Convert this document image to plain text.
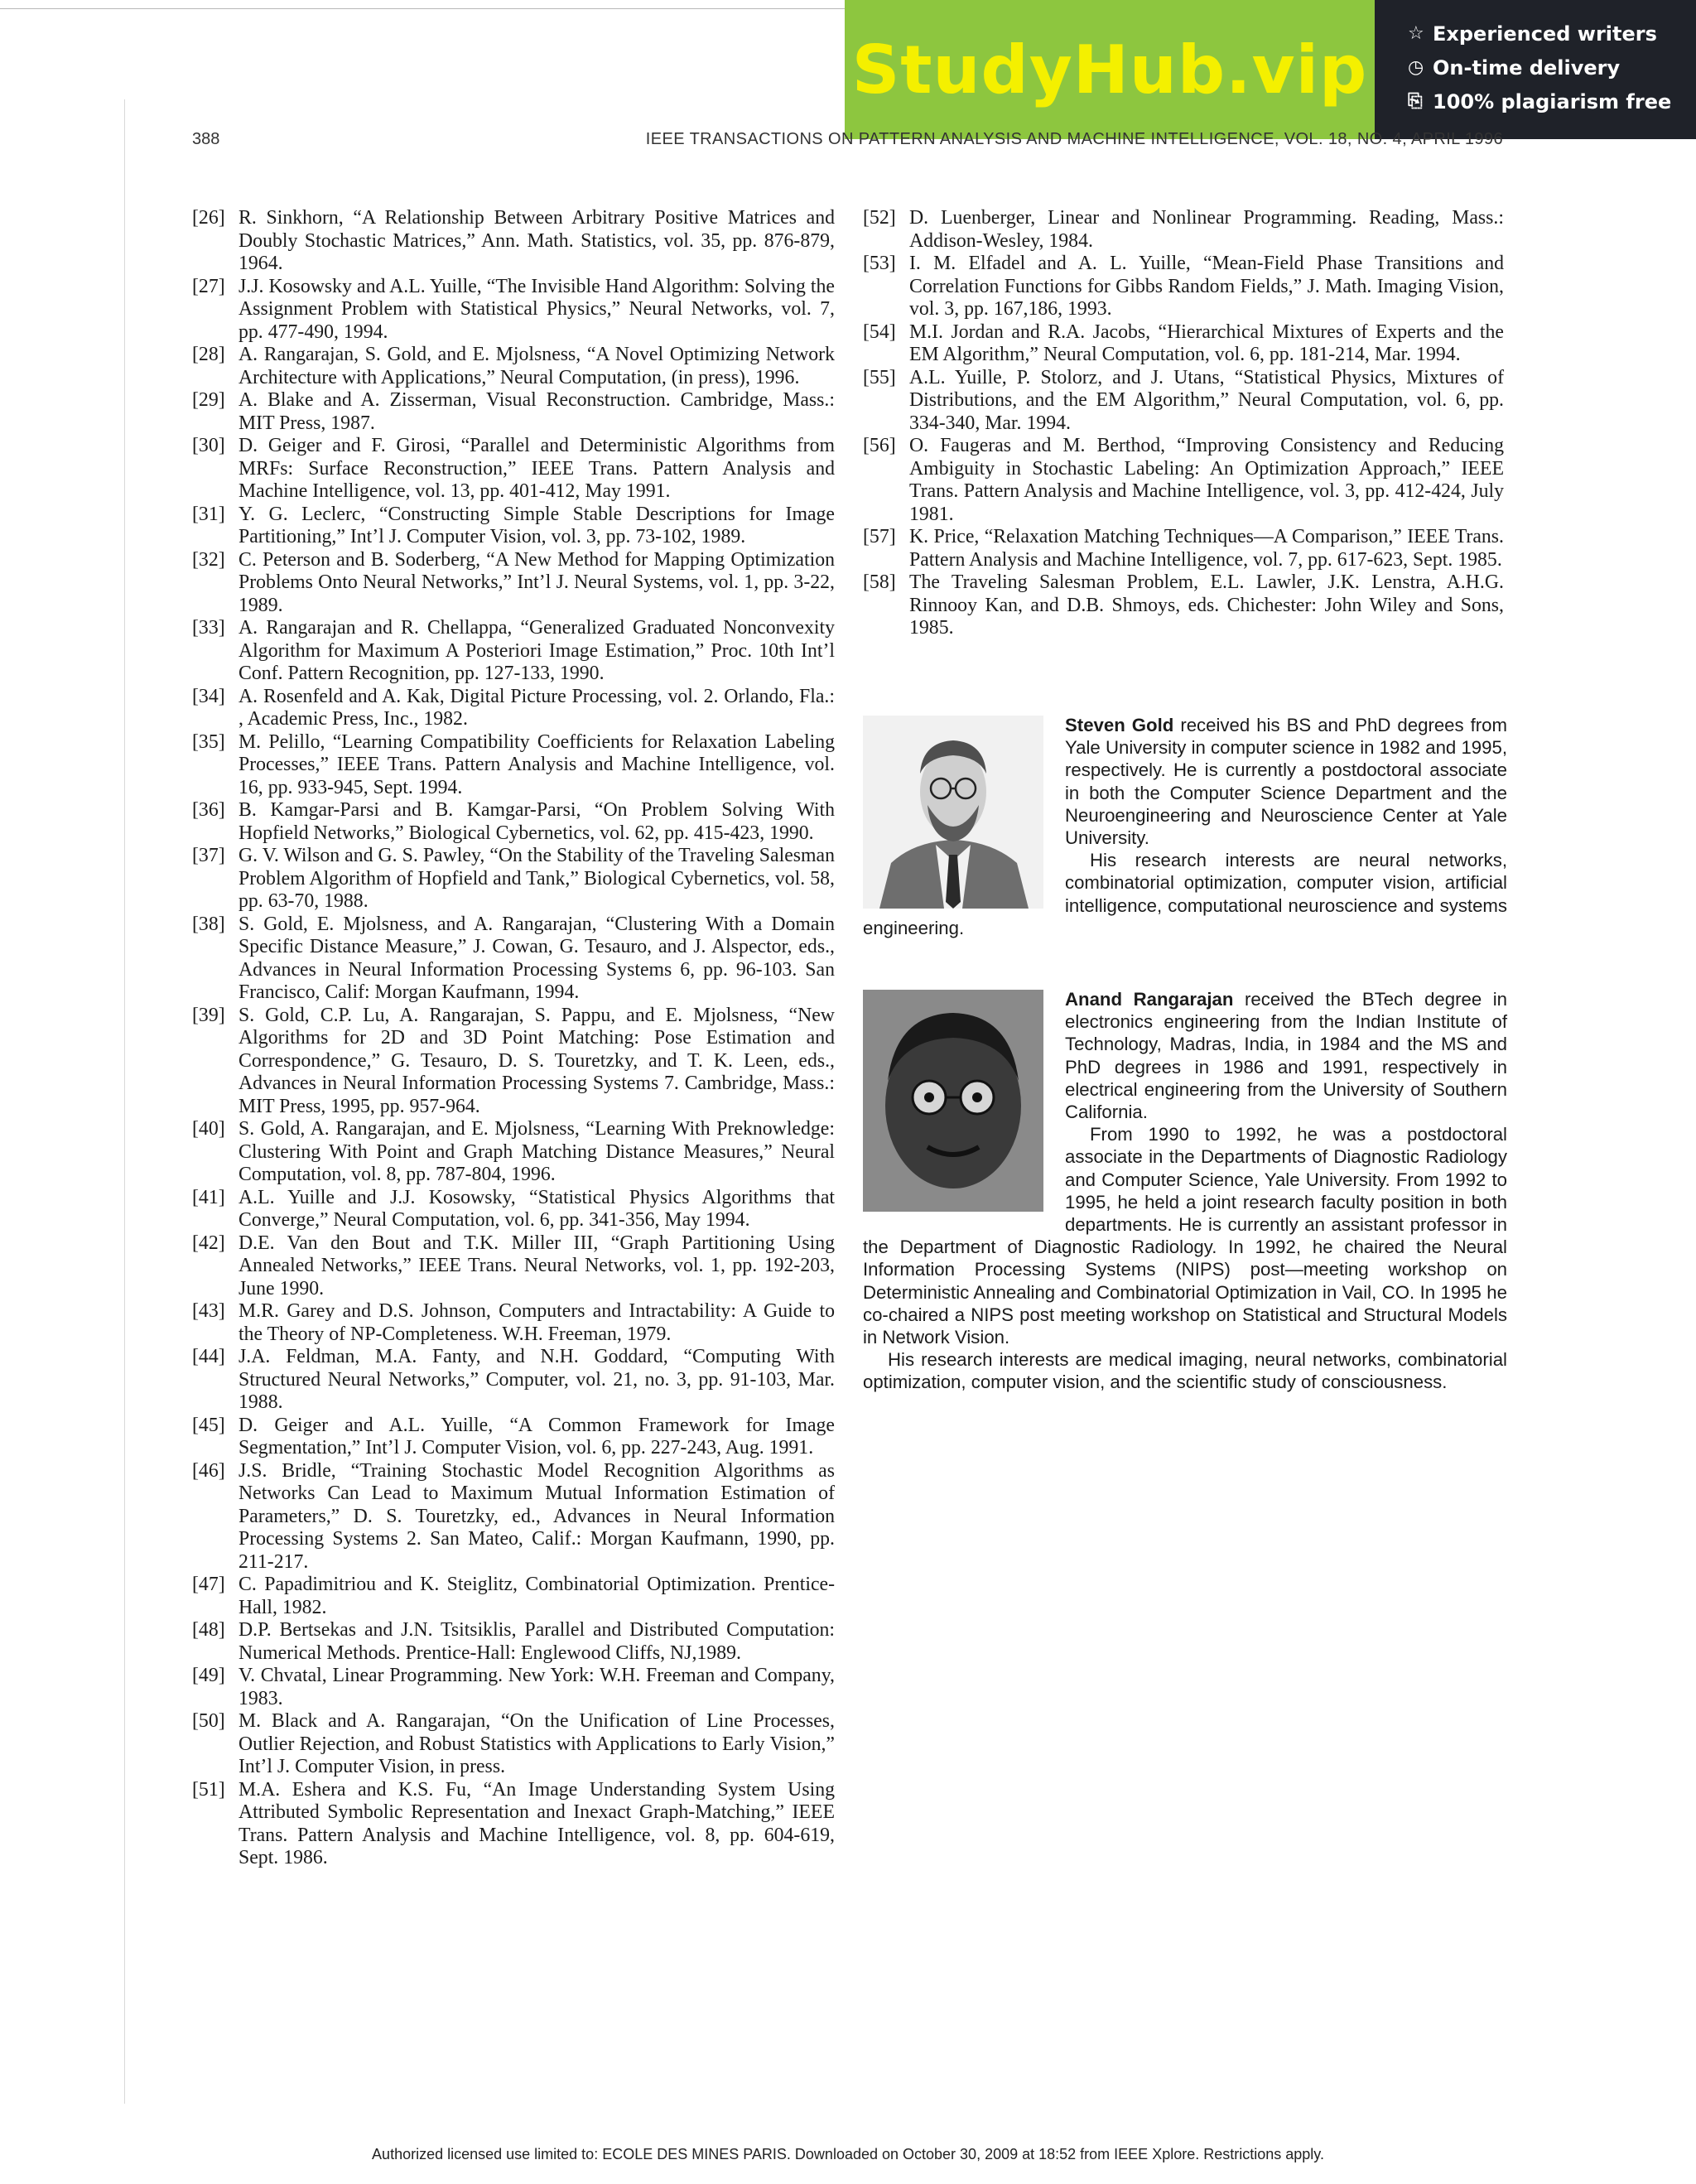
StudyHub.vip	☆ Experienced writers
◷ On-time delivery
⎘ 100% plagiarism free
388	IEEE TRANSACTIONS ON PATTERN ANALYSIS AND MACHINE INTELLIGENCE, VOL. 18, NO. 4, APRIL 1996
[26] R. Sinkhorn, “A Relationship Between Arbitrary Positive Matrices and Doubly Stochastic Matrices,” Ann. Math. Statistics, vol. 35, pp. 876-879, 1964.
[27] J.J. Kosowsky and A.L. Yuille, “The Invisible Hand Algorithm: Solving the Assignment Problem with Statistical Physics,” Neural Networks, vol. 7, pp. 477-490, 1994.
[28] A. Rangarajan, S. Gold, and E. Mjolsness, “A Novel Optimizing Network Architecture with Applications,” Neural Computation, (in press), 1996.
[29] A. Blake and A. Zisserman, Visual Reconstruction. Cambridge, Mass.: MIT Press, 1987.
[30] D. Geiger and F. Girosi, “Parallel and Deterministic Algorithms from MRFs: Surface Reconstruction,” IEEE Trans. Pattern Analysis and Machine Intelligence, vol. 13, pp. 401-412, May 1991.
[31] Y. G. Leclerc, “Constructing Simple Stable Descriptions for Image Partitioning,” Int’l J. Computer Vision, vol. 3, pp. 73-102, 1989.
[32] C. Peterson and B. Soderberg, “A New Method for Mapping Optimization Problems Onto Neural Networks,” Int’l J. Neural Systems, vol. 1, pp. 3-22, 1989.
[33] A. Rangarajan and R. Chellappa, “Generalized Graduated Nonconvexity Algorithm for Maximum A Posteriori Image Estimation,” Proc. 10th Int’l Conf. Pattern Recognition, pp. 127-133, 1990.
[34] A. Rosenfeld and A. Kak, Digital Picture Processing, vol. 2. Orlando, Fla.: , Academic Press, Inc., 1982.
[35] M. Pelillo, “Learning Compatibility Coefficients for Relaxation Labeling Processes,” IEEE Trans. Pattern Analysis and Machine Intelligence, vol. 16, pp. 933-945, Sept. 1994.
[36] B. Kamgar-Parsi and B. Kamgar-Parsi, “On Problem Solving With Hopfield Networks,” Biological Cybernetics, vol. 62, pp. 415-423, 1990.
[37] G. V. Wilson and G. S. Pawley, “On the Stability of the Traveling Salesman Problem Algorithm of Hopfield and Tank,” Biological Cybernetics, vol. 58, pp. 63-70, 1988.
[38] S. Gold, E. Mjolsness, and A. Rangarajan, “Clustering With a Domain Specific Distance Measure,” J. Cowan, G. Tesauro, and J. Alspector, eds., Advances in Neural Information Processing Systems 6, pp. 96-103. San Francisco, Calif: Morgan Kaufmann, 1994.
[39] S. Gold, C.P. Lu, A. Rangarajan, S. Pappu, and E. Mjolsness, “New Algorithms for 2D and 3D Point Matching: Pose Estimation and Correspondence,” G. Tesauro, D. S. Touretzky, and T. K. Leen, eds., Advances in Neural Information Processing Systems 7. Cambridge, Mass.: MIT Press, 1995, pp. 957-964.
[40] S. Gold, A. Rangarajan, and E. Mjolsness, “Learning With Preknowledge: Clustering With Point and Graph Matching Distance Measures,” Neural Computation, vol. 8, pp. 787-804, 1996.
[41] A.L. Yuille and J.J. Kosowsky, “Statistical Physics Algorithms that Converge,” Neural Computation, vol. 6, pp. 341-356, May 1994.
[42] D.E. Van den Bout and T.K. Miller III, “Graph Partitioning Using Annealed Networks,” IEEE Trans. Neural Networks, vol. 1, pp. 192-203, June 1990.
[43] M.R. Garey and D.S. Johnson, Computers and Intractability: A Guide to the Theory of NP-Completeness. W.H. Freeman, 1979.
[44] J.A. Feldman, M.A. Fanty, and N.H. Goddard, “Computing With Structured Neural Networks,” Computer, vol. 21, no. 3, pp. 91-103, Mar. 1988.
[45] D. Geiger and A.L. Yuille, “A Common Framework for Image Segmentation,” Int’l J. Computer Vision, vol. 6, pp. 227-243, Aug. 1991.
[46] J.S. Bridle, “Training Stochastic Model Recognition Algorithms as Networks Can Lead to Maximum Mutual Information Estimation of Parameters,” D. S. Touretzky, ed., Advances in Neural Information Processing Systems 2. San Mateo, Calif.: Morgan Kaufmann, 1990, pp. 211-217.
[47] C. Papadimitriou and K. Steiglitz, Combinatorial Optimization. Prentice-Hall, 1982.
[48] D.P. Bertsekas and J.N. Tsitsiklis, Parallel and Distributed Computation: Numerical Methods. Prentice-Hall: Englewood Cliffs, NJ,1989.
[49] V. Chvatal, Linear Programming. New York: W.H. Freeman and Company, 1983.
[50] M. Black and A. Rangarajan, “On the Unification of Line Processes, Outlier Rejection, and Robust Statistics with Applications to Early Vision,” Int’l J. Computer Vision, in press.
[51] M.A. Eshera and K.S. Fu, “An Image Understanding System Using Attributed Symbolic Representation and Inexact Graph-Matching,” IEEE Trans. Pattern Analysis and Machine Intelligence, vol. 8, pp. 604-619, Sept. 1986.
[52] D. Luenberger, Linear and Nonlinear Programming. Reading, Mass.: Addison-Wesley, 1984.
[53] I. M. Elfadel and A. L. Yuille, “Mean-Field Phase Transitions and Correlation Functions for Gibbs Random Fields,” J. Math. Imaging Vision, vol. 3, pp. 167,186, 1993.
[54] M.I. Jordan and R.A. Jacobs, “Hierarchical Mixtures of Experts and the EM Algorithm,” Neural Computation, vol. 6, pp. 181-214, Mar. 1994.
[55] A.L. Yuille, P. Stolorz, and J. Utans, “Statistical Physics, Mixtures of Distributions, and the EM Algorithm,” Neural Computation, vol. 6, pp. 334-340, Mar. 1994.
[56] O. Faugeras and M. Berthod, “Improving Consistency and Reducing Ambiguity in Stochastic Labeling: An Optimization Approach,” IEEE Trans. Pattern Analysis and Machine Intelligence, vol. 3, pp. 412-424, July 1981.
[57] K. Price, “Relaxation Matching Techniques—A Comparison,” IEEE Trans. Pattern Analysis and Machine Intelligence, vol. 7, pp. 617-623, Sept. 1985.
[58] The Traveling Salesman Problem, E.L. Lawler, J.K. Lenstra, A.H.G. Rinnooy Kan, and D.B. Shmoys, eds. Chichester: John Wiley and Sons, 1985.

Steven Gold received his BS and PhD degrees from Yale University in computer science in 1982 and 1995, respectively. He is currently a postdoctoral associate in both the Computer Science Department and the Neuroengineering and Neuroscience Center at Yale University.

His research interests are neural networks, combinatorial optimization, computer vision, artificial intelligence, computational neuroscience and systems engineering.

Anand Rangarajan received the BTech degree in electronics engineering from the Indian Institute of Technology, Madras, India, in 1984 and the MS and PhD degrees in 1986 and 1991, respectively in electrical engineering from the University of Southern California.

From 1990 to 1992, he was a postdoctoral associate in the Departments of Diagnostic Radiology and Computer Science, Yale University. From 1992 to 1995, he held a joint research faculty position in both departments. He is currently an assistant professor in the Department of Diagnostic Radiology. In 1992, he chaired the Neural Information Processing Systems (NIPS) post—meeting workshop on Deterministic Annealing and Combinatorial Optimization in Vail, CO. In 1995 he co-chaired a NIPS post meeting workshop on Statistical and Structural Models in Network Vision.

His research interests are medical imaging, neural networks, combinatorial optimization, computer vision, and the scientific study of consciousness.

Authorized licensed use limited to: ECOLE DES MINES PARIS. Downloaded on October 30, 2009 at 18:52 from IEEE Xplore. Restrictions apply.
